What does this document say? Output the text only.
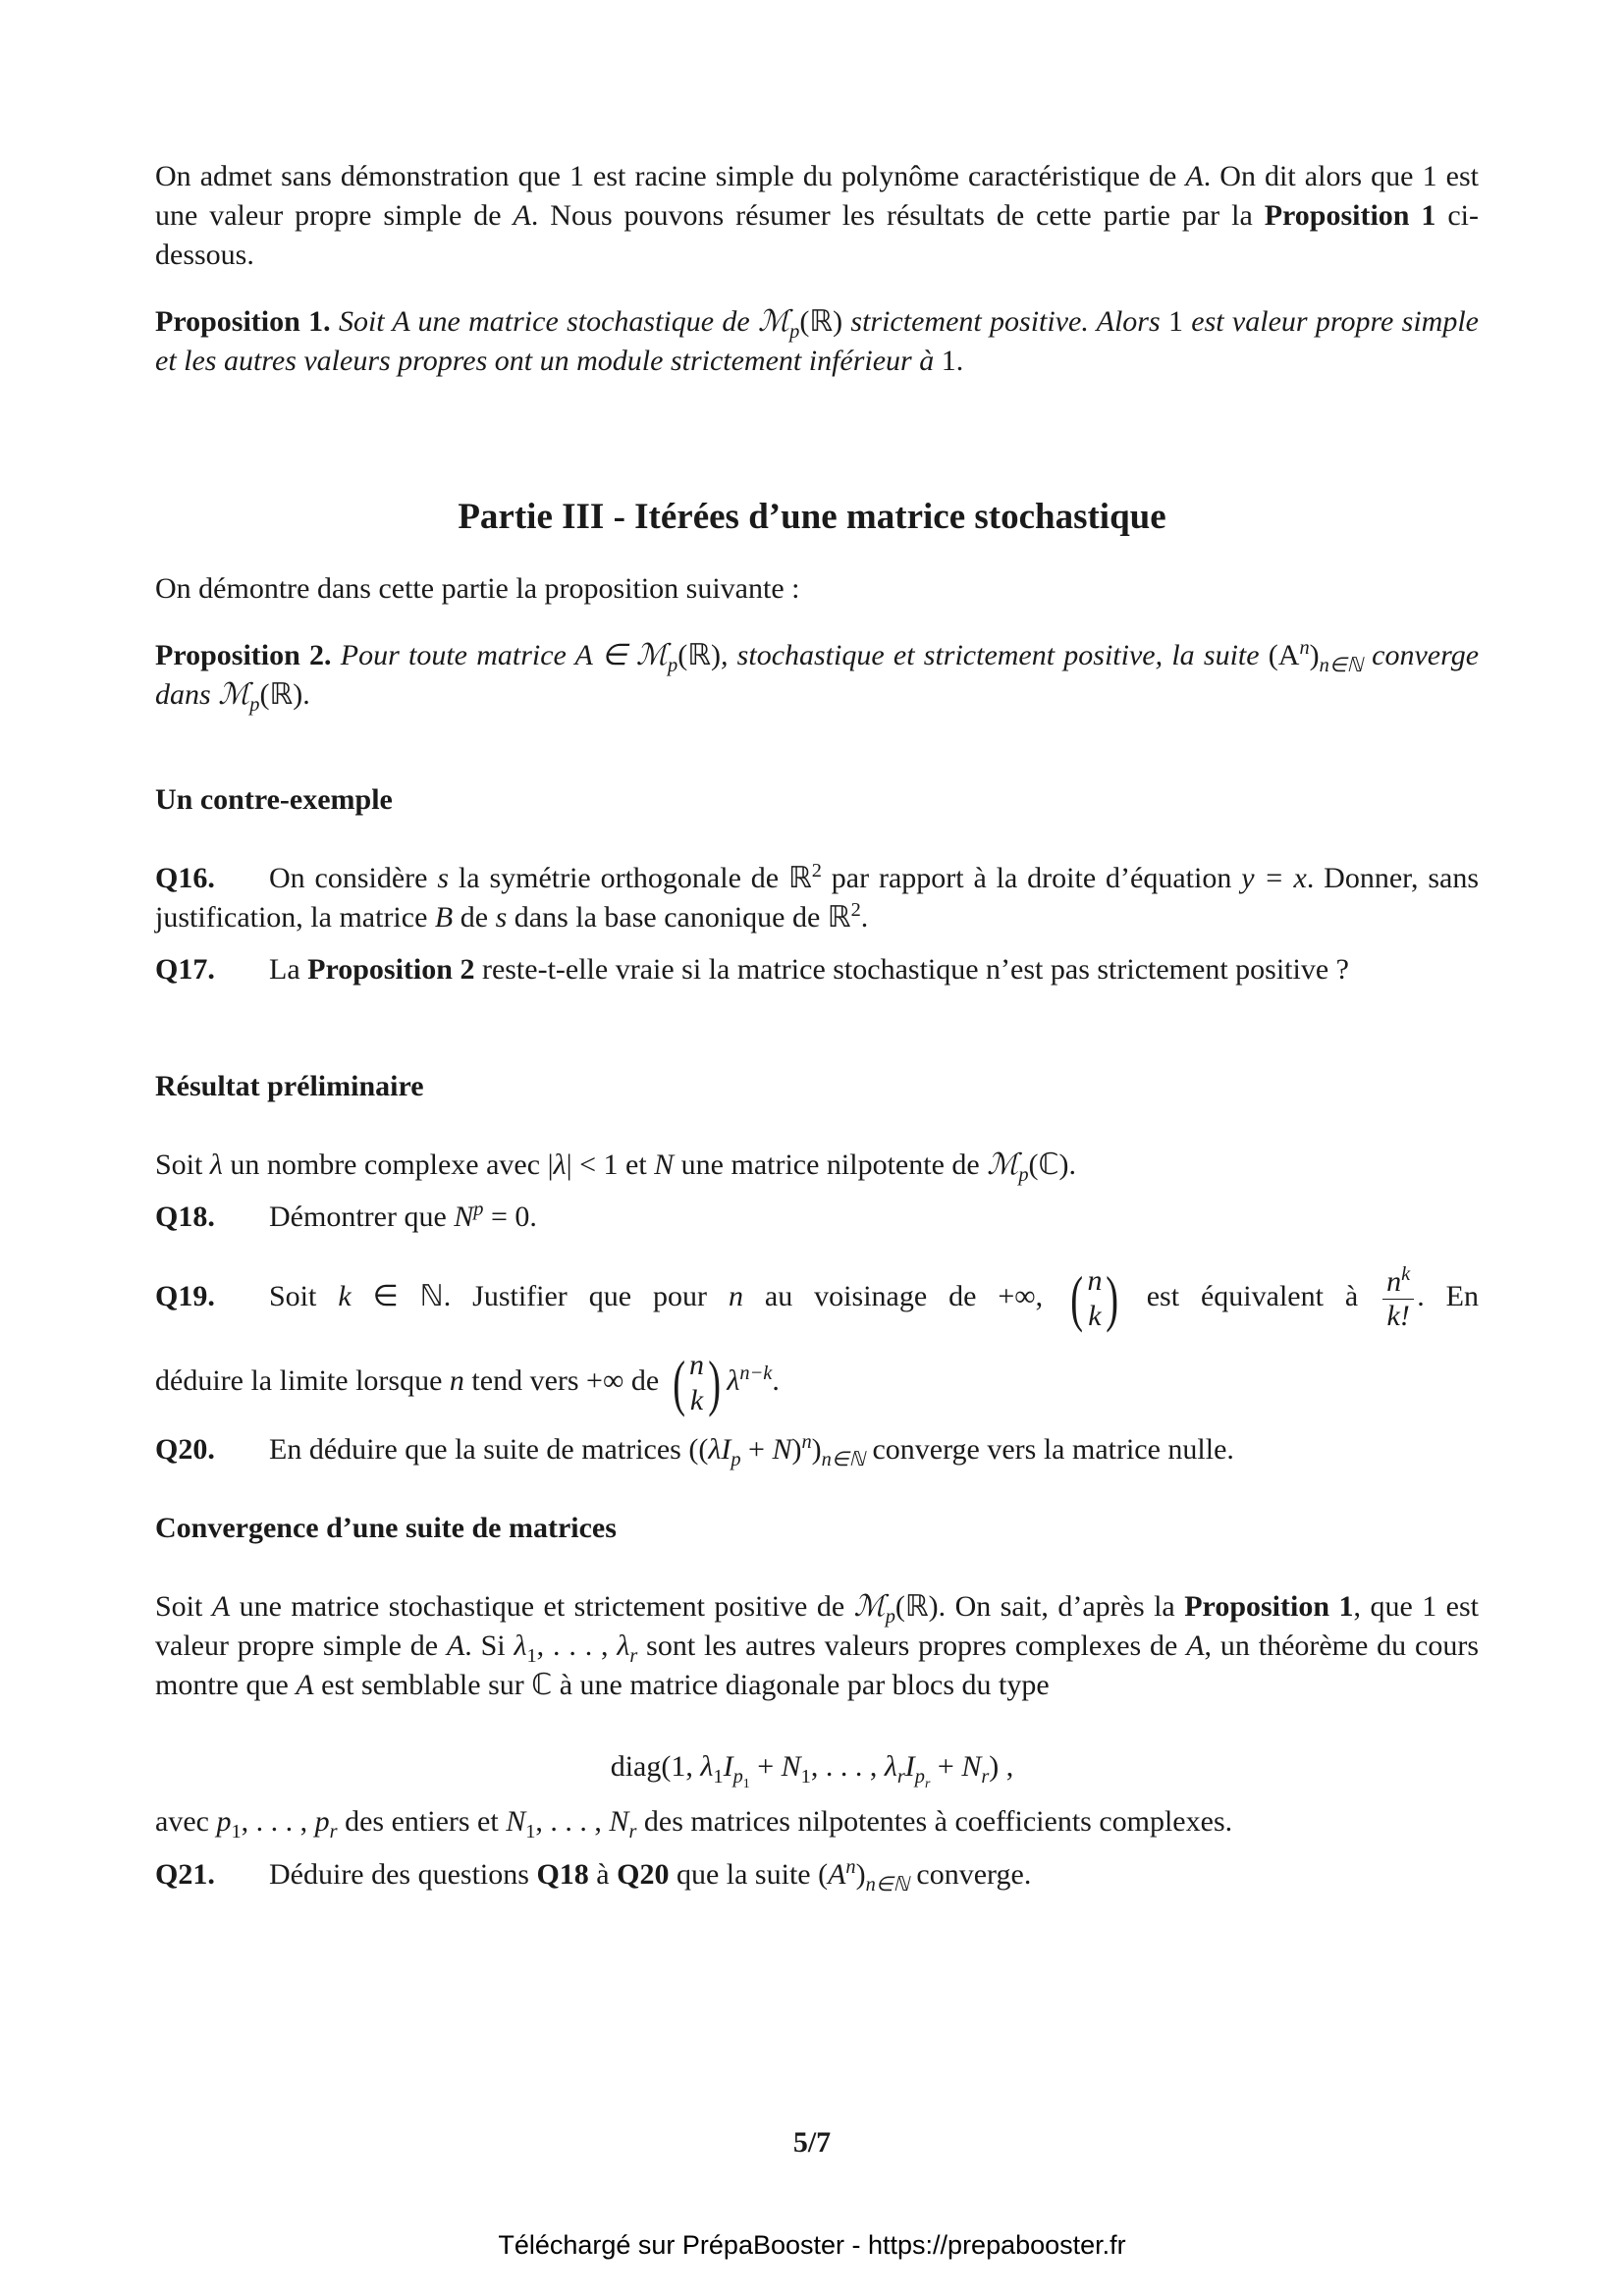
On admet sans démonstration que 1 est racine simple du polynôme caractéristique de A. On dit alors que 1 est une valeur propre simple de A. Nous pouvons résumer les résultats de cette partie par la Proposition 1 ci-dessous.
Proposition 1. Soit A une matrice stochastique de ℳ$_p$(ℝ) strictement positive. Alors 1 est valeur propre simple et les autres valeurs propres ont un module strictement inférieur à 1.
Partie III - Itérées d’une matrice stochastique
On démontre dans cette partie la proposition suivante :
Proposition 2. Pour toute matrice A ∈ ℳ$_p$(ℝ), stochastique et strictement positive, la suite $(A^n)_{n\in ℕ}$ converge dans ℳ$_p$(ℝ).
Un contre-exemple
Q16. On considère s la symétrie orthogonale de ℝ$^2$ par rapport à la droite d’équation y = x. Donner, sans justification, la matrice B de s dans la base canonique de ℝ$^2$.
Q17. La Proposition 2 reste-t-elle vraie si la matrice stochastique n’est pas strictement positive ?
Résultat préliminaire
Soit λ un nombre complexe avec |λ| < 1 et N une matrice nilpotente de ℳ$_p$(ℂ).
Q18. Démontrer que $N^p = 0$.
Q19. Soit k ∈ ℕ. Justifier que pour n au voisinage de +∞, ( n
k ) est équivalent à $\frac{n^k}{k!}$ . En
déduire la limite lorsque n tend vers +∞ de ( n
k ) $\lambda^{n-k}$.
Q20. En déduire que la suite de matrices $((\lambda I_p + N)^n)_{n\in ℕ}$ converge vers la matrice nulle.
Convergence d’une suite de matrices
Soit A une matrice stochastique et strictement positive de ℳ$_p$(ℝ). On sait, d’après la Proposition 1, que 1 est valeur propre simple de A. Si $\lambda_1$, . . . , $\lambda_r$ sont les autres valeurs propres complexes de A, un théorème du cours montre que A est semblable sur ℂ à une matrice diagonale par blocs du type
diag(1, $\lambda_1I_{p_1} + N_1$, . . . , $\lambda_rI_{p_r} + N_r$) ,
avec $p_1$, . . . , $p_r$ des entiers et $N_1$, . . . , $N_r$ des matrices nilpotentes à coefficients complexes.
Q21. Déduire des questions Q18 à Q20 que la suite $(A^n)_{n\in ℕ}$ converge.
5/7
Téléchargé sur PrépaBooster - https://prepabooster.fr
